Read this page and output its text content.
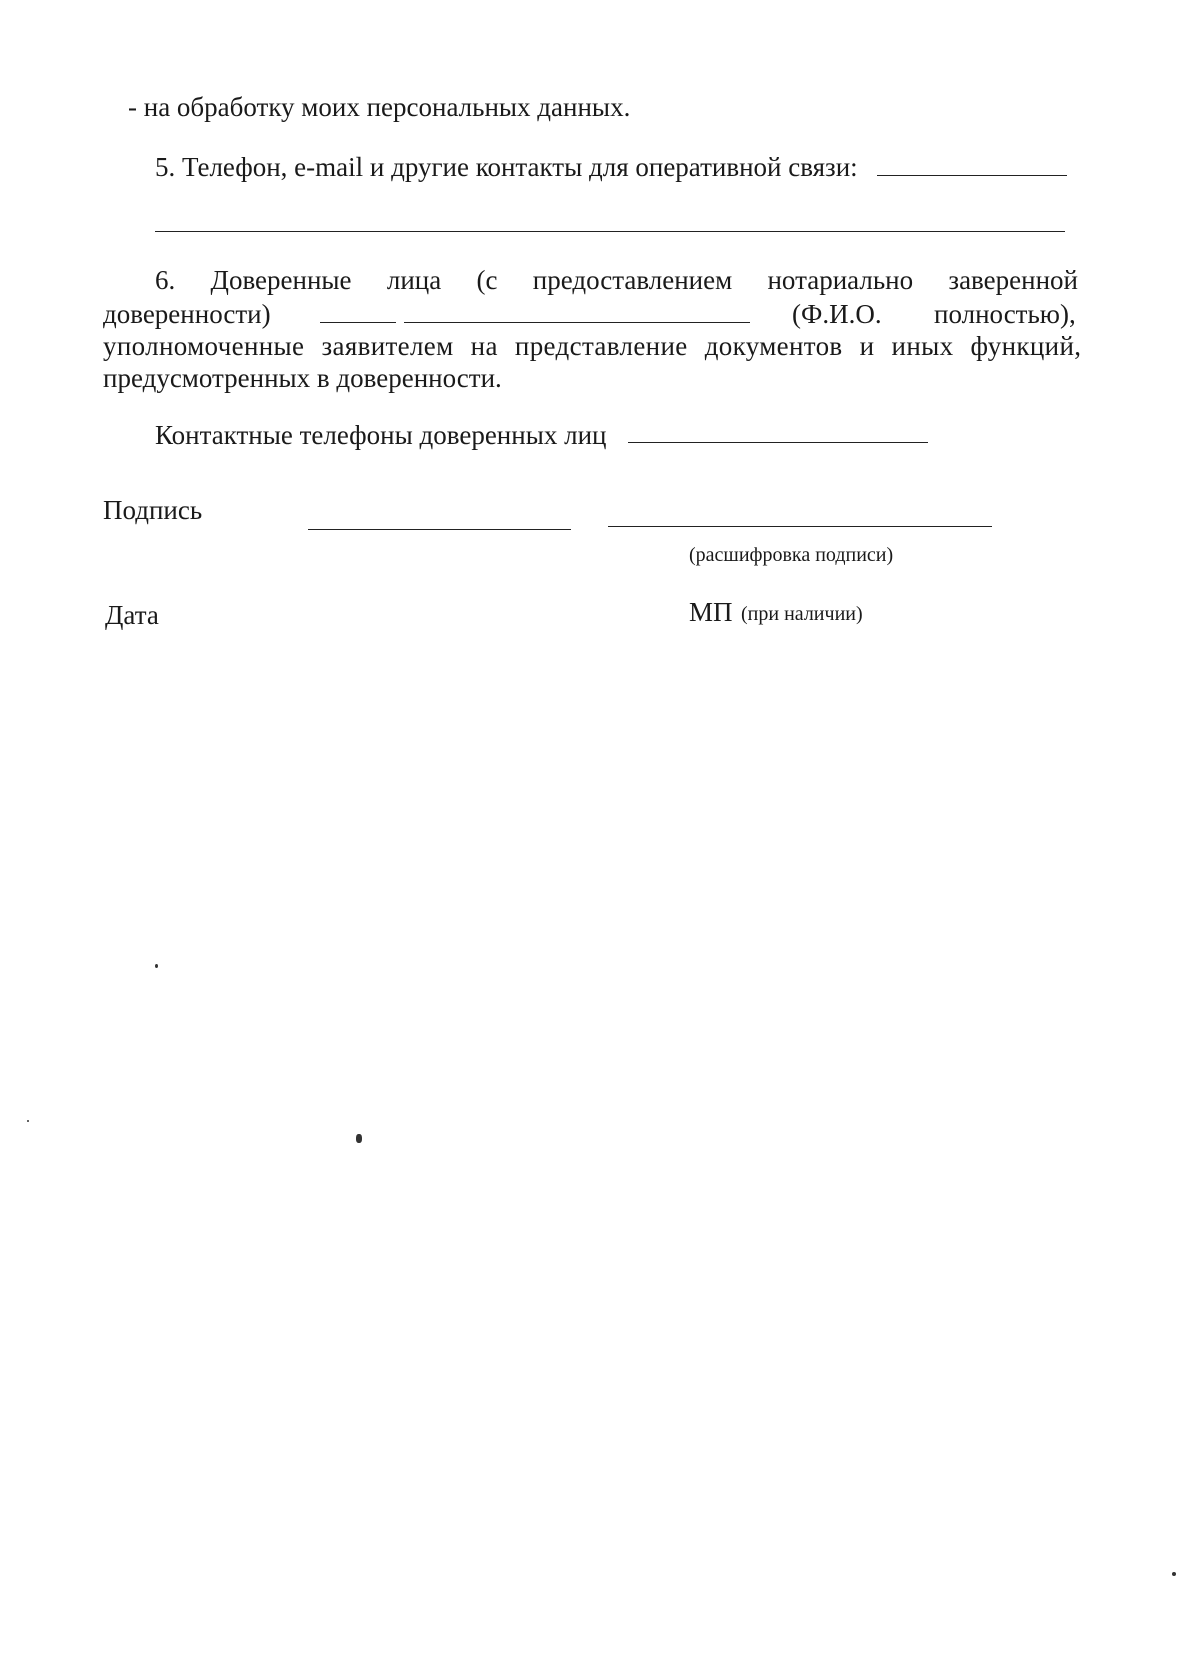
- на обработку моих персональных данных.
5. Телефон, e-mail и другие контакты для оперативной связи:
6. Доверенные лица (с предоставлением нотариально заверенной
доверенности)	(Ф.И.О. полностью),
уполномоченные заявителем на представление документов и иных функций,
предусмотренных в доверенности.
Контактные телефоны доверенных лиц
Подпись
(расшифровка подписи)
Дата	МП (при наличии)
